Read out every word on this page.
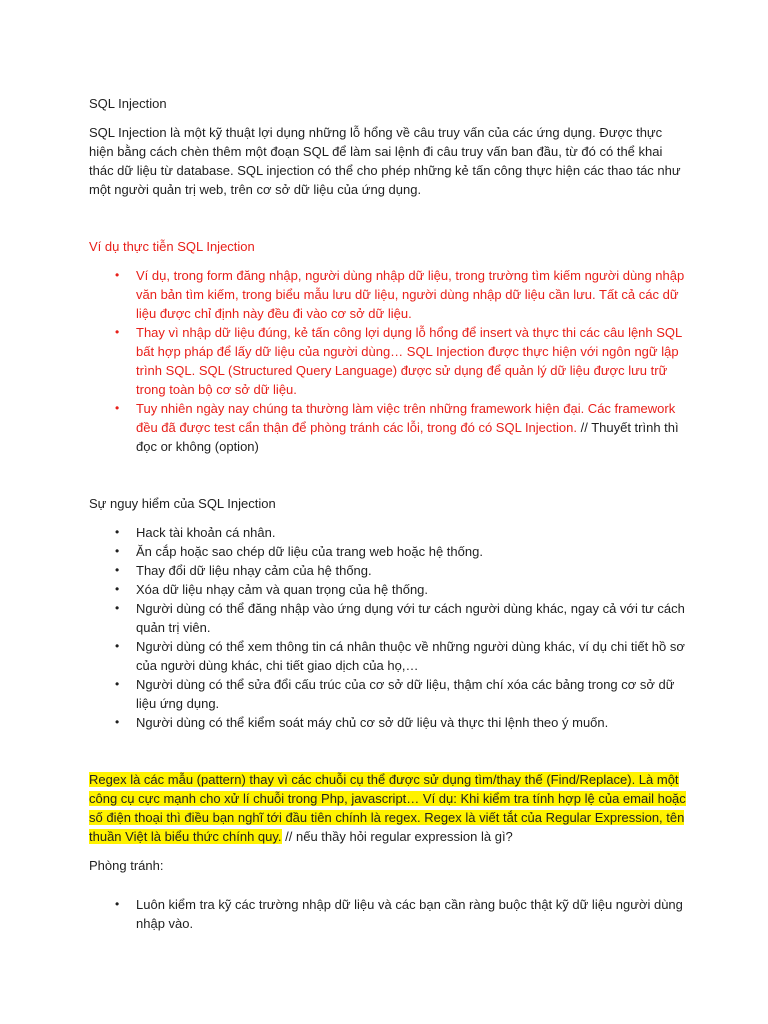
SQL Injection

SQL Injection là một kỹ thuật lợi dụng những lỗ hổng về câu truy vấn của các ứng dụng. Được thực hiện bằng cách chèn thêm một đoạn SQL để làm sai lệnh đi câu truy vấn ban đầu, từ đó có thể khai thác dữ liệu từ database. SQL injection có thể cho phép những kẻ tấn công thực hiện các thao tác như một người quản trị web, trên cơ sở dữ liệu của ứng dụng.

Ví dụ thực tiễn SQL Injection

• Ví dụ, trong form đăng nhập, người dùng nhập dữ liệu, trong trường tìm kiếm người dùng nhập văn bản tìm kiếm, trong biểu mẫu lưu dữ liệu, người dùng nhập dữ liệu cần lưu. Tất cả các dữ liệu được chỉ định này đều đi vào cơ sở dữ liệu.
• Thay vì nhập dữ liệu đúng, kẻ tấn công lợi dụng lỗ hổng để insert và thực thi các câu lệnh SQL bất hợp pháp để lấy dữ liệu của người dùng… SQL Injection được thực hiện với ngôn ngữ lập trình SQL. SQL (Structured Query Language) được sử dụng để quản lý dữ liệu được lưu trữ trong toàn bộ cơ sở dữ liệu.
• Tuy nhiên ngày nay chúng ta thường làm việc trên những framework hiện đại. Các framework đều đã được test cẩn thận để phòng tránh các lỗi, trong đó có SQL Injection. // Thuyết trình thì đọc or không (option)

Sự nguy hiểm của SQL Injection

• Hack tài khoản cá nhân.
• Ăn cắp hoặc sao chép dữ liệu của trang web hoặc hệ thống.
• Thay đổi dữ liệu nhạy cảm của hệ thống.
• Xóa dữ liệu nhạy cảm và quan trọng của hệ thống.
• Người dùng có thể đăng nhập vào ứng dụng với tư cách người dùng khác, ngay cả với tư cách quản trị viên.
• Người dùng có thể xem thông tin cá nhân thuộc về những người dùng khác, ví dụ chi tiết hồ sơ của người dùng khác, chi tiết giao dịch của họ,…
• Người dùng có thể sửa đổi cấu trúc của cơ sở dữ liệu, thậm chí xóa các bảng trong cơ sở dữ liệu ứng dụng.
• Người dùng có thể kiểm soát máy chủ cơ sở dữ liệu và thực thi lệnh theo ý muốn.

Regex là các mẫu (pattern) thay vì các chuỗi cụ thể được sử dụng tìm/thay thế (Find/Replace). Là một công cụ cực mạnh cho xử lí chuỗi trong Php, javascript… Ví dụ: Khi kiểm tra tính hợp lệ của email hoặc số điện thoại thì điều bạn nghĩ tới đầu tiên chính là regex. Regex là viết tắt của Regular Expression, tên thuần Việt là biểu thức chính quy. // nếu thầy hỏi regular expression là gì?

Phòng tránh:

• Luôn kiểm tra kỹ các trường nhập dữ liệu và các bạn cần ràng buộc thật kỹ dữ liệu người dùng nhập vào.
